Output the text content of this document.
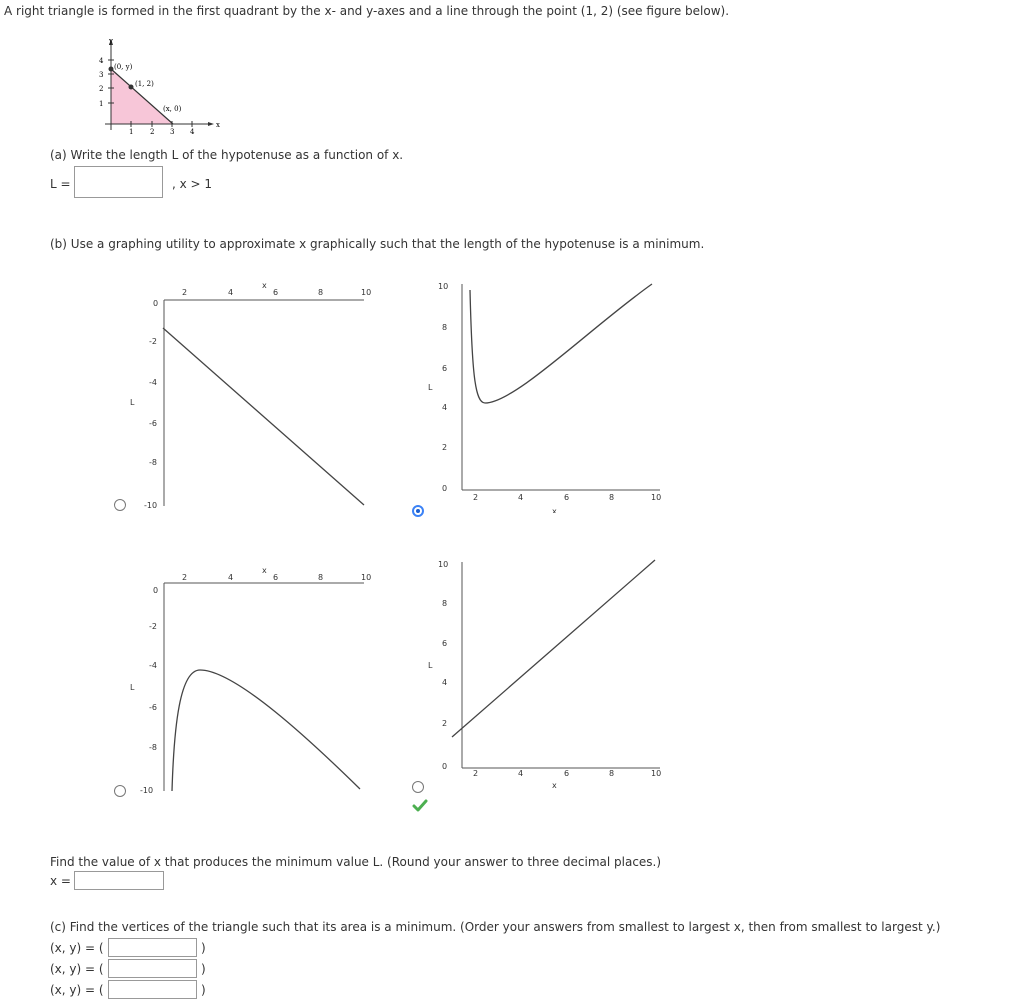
A right triangle is formed in the first quadrant by the x- and y-axes and a line through the point (1, 2) (see figure below).
y
x
4
3
2
1
1 2 3 4
(0, y)
(1, 2)
(x, 0)
(a) Write the length L of the hypotenuse as a function of x.
L =	, x > 1
(b) Use a graphing utility to approximate x graphically such that the length of the hypotenuse is a minimum.
x
L
2	4	6	8	10
0
-2
-4
-6
-8
-10
L
x
10
8
6
4
2
0
2	4	6	8	10
x
L
2	4	6	8	10
0
-2
-4
-6
-8
-10
L
x
10
8
6
4
2
0
2	4	6	8	10
Find the value of x that produces the minimum value L. (Round your answer to three decimal places.)
x =
(c) Find the vertices of the triangle such that its area is a minimum. (Order your answers from smallest to largest x, then from smallest to largest y.)
(x, y) = (	)
(x, y) = (	)
(x, y) = (	)
